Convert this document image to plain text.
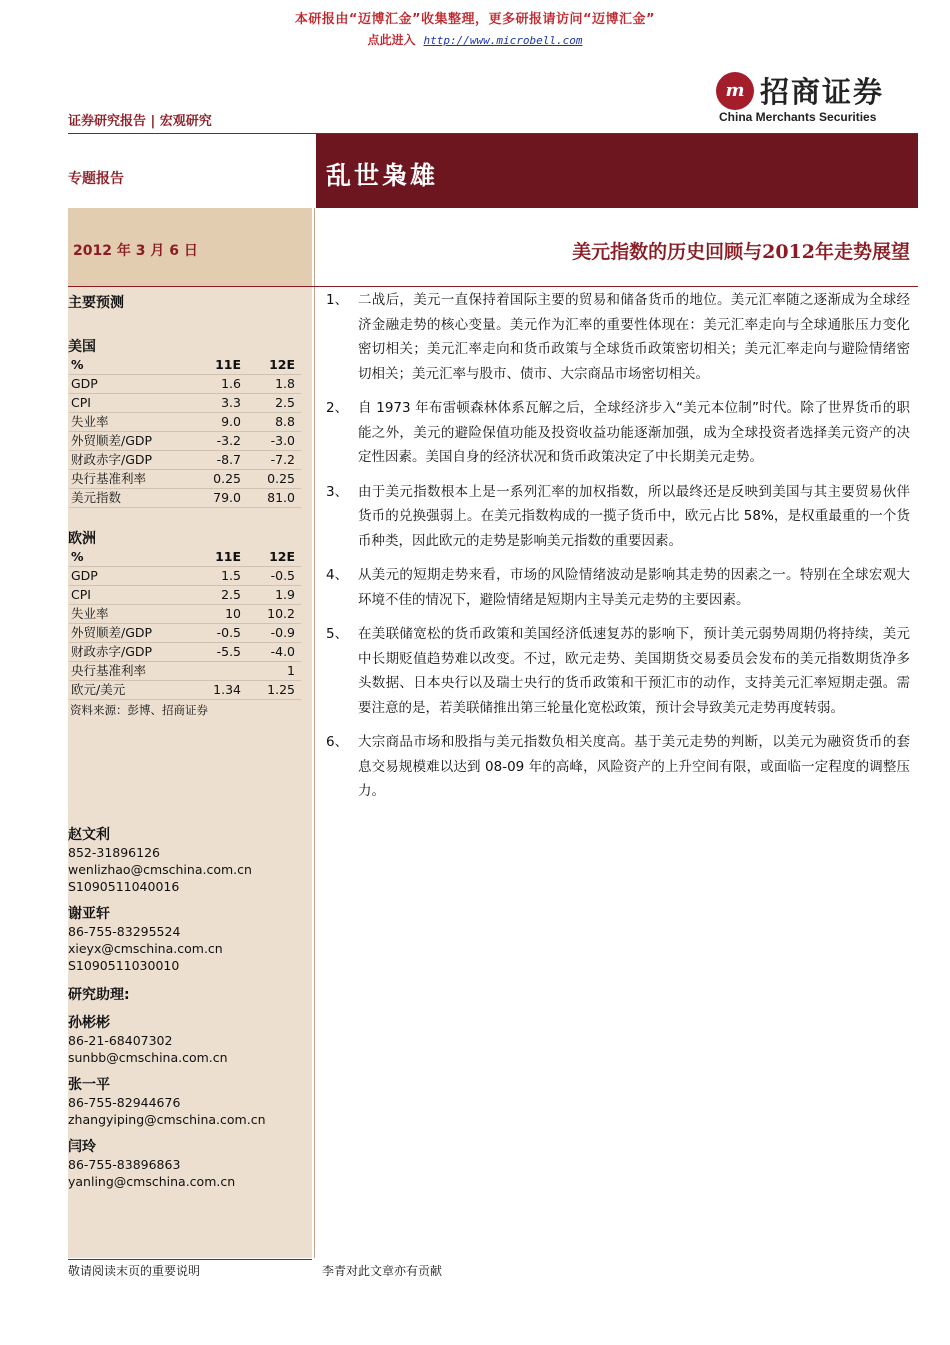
本研报由“迈博汇金”收集整理，更多研报请访问“迈博汇金”
点此进入 http://www.microbell.com
m 招商证券
China Merchants Securities
证券研究报告 | 宏观研究
专题报告	乱世枭雄
2012 年 3 月 6 日	美元指数的历史回顾与2012年走势展望
主要预测
美国
%	11E	12E
GDP	1.6	1.8
CPI	3.3	2.5
失业率	9.0	8.8
外贸顺差/GDP	-3.2	-3.0
财政赤字/GDP	-8.7	-7.2
央行基准利率	0.25	0.25
美元指数	79.0	81.0
欧洲
%	11E	12E
GDP	1.5	-0.5
CPI	2.5	1.9
失业率	10	10.2
外贸顺差/GDP	-0.5	-0.9
财政赤字/GDP	-5.5	-4.0
央行基准利率		1
欧元/美元	1.34	1.25
资料来源：彭博、招商证券
赵文利
852-31896126
wenlizhao@cmschina.com.cn
S1090511040016
谢亚轩
86-755-83295524
xieyx@cmschina.com.cn
S1090511030010
研究助理:
孙彬彬
86-21-68407302
sunbb@cmschina.com.cn
张一平
86-755-82944676
zhangyiping@cmschina.com.cn
闫玲
86-755-83896863
yanling@cmschina.com.cn
1、 二战后，美元一直保持着国际主要的贸易和储备货币的地位。美元汇率随之逐渐成为全球经济金融走势的核心变量。美元作为汇率的重要性体现在：美元汇率走向与全球通胀压力变化密切相关；美元汇率走向和货币政策与全球货币政策密切相关；美元汇率走向与避险情绪密切相关；美元汇率与股市、债市、大宗商品市场密切相关。
2、 自 1973 年布雷顿森林体系瓦解之后，全球经济步入“美元本位制”时代。除了世界货币的职能之外，美元的避险保值功能及投资收益功能逐渐加强，成为全球投资者选择美元资产的决定性因素。美国自身的经济状况和货币政策决定了中长期美元走势。
3、 由于美元指数根本上是一系列汇率的加权指数，所以最终还是反映到美国与其主要贸易伙伴货币的兑换强弱上。在美元指数构成的一揽子货币中，欧元占比 58%，是权重最重的一个货币种类，因此欧元的走势是影响美元指数的重要因素。
4、 从美元的短期走势来看，市场的风险情绪波动是影响其走势的因素之一。特别在全球宏观大环境不佳的情况下，避险情绪是短期内主导美元走势的主要因素。
5、 在美联储宽松的货币政策和美国经济低速复苏的影响下，预计美元弱势周期仍将持续，美元中长期贬值趋势难以改变。不过，欧元走势、美国期货交易委员会发布的美元指数期货净多头数据、日本央行以及瑞士央行的货币政策和干预汇市的动作，支持美元汇率短期走强。需要注意的是，若美联储推出第三轮量化宽松政策，预计会导致美元走势再度转弱。
6、 大宗商品市场和股指与美元指数负相关度高。基于美元走势的判断，以美元为融资货币的套息交易规模难以达到 08-09 年的高峰，风险资产的上升空间有限，或面临一定程度的调整压力。
敬请阅读末页的重要说明	李青对此文章亦有贡献
